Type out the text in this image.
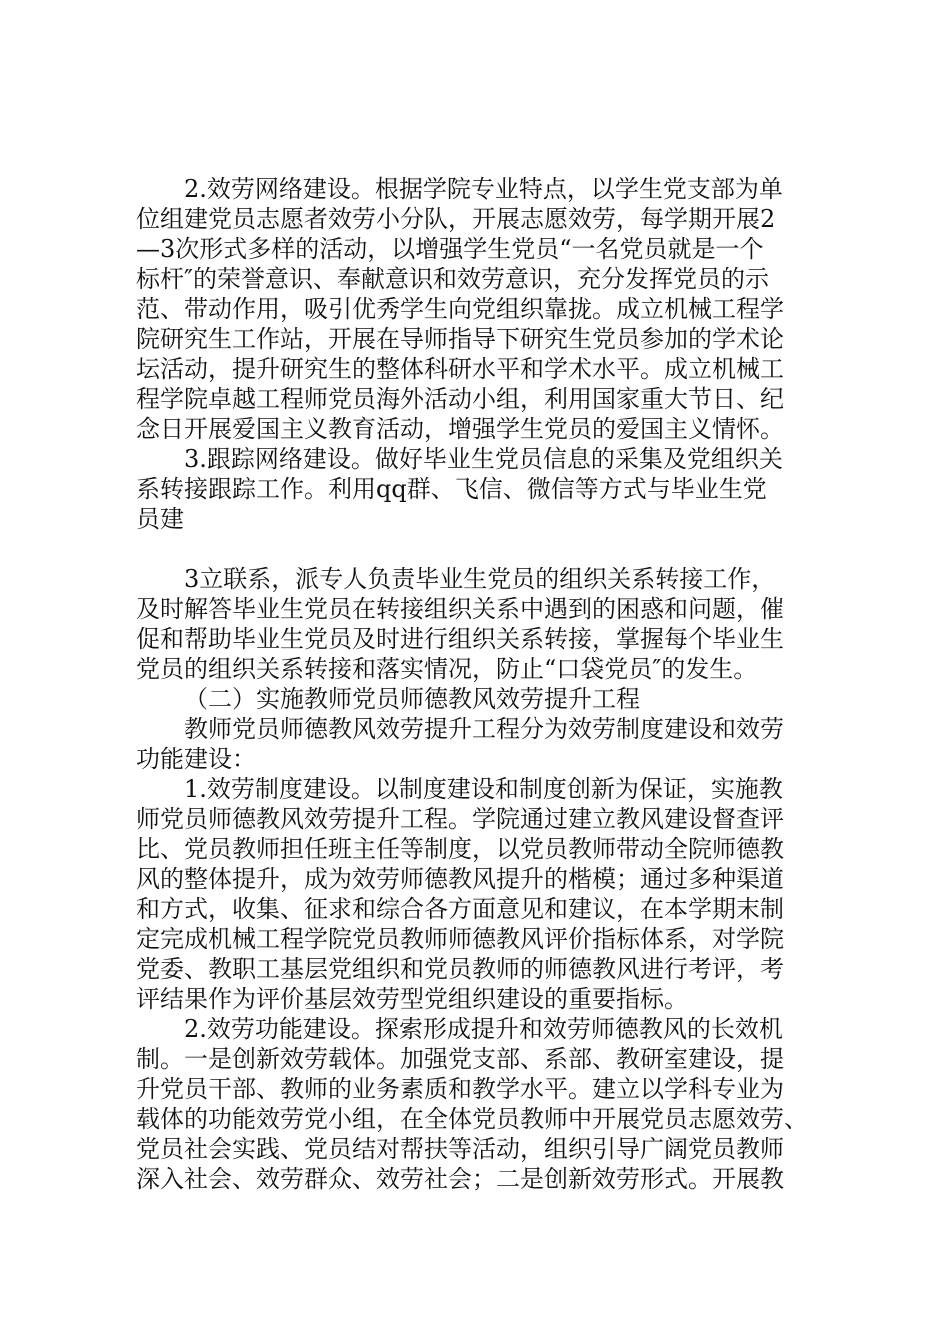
2.效劳网络建设。根据学院专业特点，以学生党支部为单
位组建党员志愿者效劳小分队，开展志愿效劳，每学期开展2
—3次形式多样的活动，以增强学生党员“一名党员就是一个
标杆″的荣誉意识、奉献意识和效劳意识，充分发挥党员的示
范、带动作用，吸引优秀学生向党组织靠拢。成立机械工程学
院研究生工作站，开展在导师指导下研究生党员参加的学术论
坛活动，提升研究生的整体科研水平和学术水平。成立机械工
程学院卓越工程师党员海外活动小组，利用国家重大节日、纪
念日开展爱国主义教育活动，增强学生党员的爱国主义情怀。
3.跟踪网络建设。做好毕业生党员信息的采集及党组织关
系转接跟踪工作。利用qq群、飞信、微信等方式与毕业生党
员建
3立联系，派专人负责毕业生党员的组织关系转接工作，
及时解答毕业生党员在转接组织关系中遇到的困惑和问题，催
促和帮助毕业生党员及时进行组织关系转接，掌握每个毕业生
党员的组织关系转接和落实情况，防止“口袋党员″的发生。
（二）实施教师党员师德教风效劳提升工程
教师党员师德教风效劳提升工程分为效劳制度建设和效劳
功能建设：
1.效劳制度建设。以制度建设和制度创新为保证，实施教
师党员师德教风效劳提升工程。学院通过建立教风建设督查评
比、党员教师担任班主任等制度，以党员教师带动全院师德教
风的整体提升，成为效劳师德教风提升的楷模；通过多种渠道
和方式，收集、征求和综合各方面意见和建议，在本学期末制
定完成机械工程学院党员教师师德教风评价指标体系，对学院
党委、教职工基层党组织和党员教师的师德教风进行考评，考
评结果作为评价基层效劳型党组织建设的重要指标。
2.效劳功能建设。探索形成提升和效劳师德教风的长效机
制。一是创新效劳载体。加强党支部、系部、教研室建设，提
升党员干部、教师的业务素质和教学水平。建立以学科专业为
载体的功能效劳党小组，在全体党员教师中开展党员志愿效劳、
党员社会实践、党员结对帮扶等活动，组织引导广阔党员教师
深入社会、效劳群众、效劳社会；二是创新效劳形式。开展教
